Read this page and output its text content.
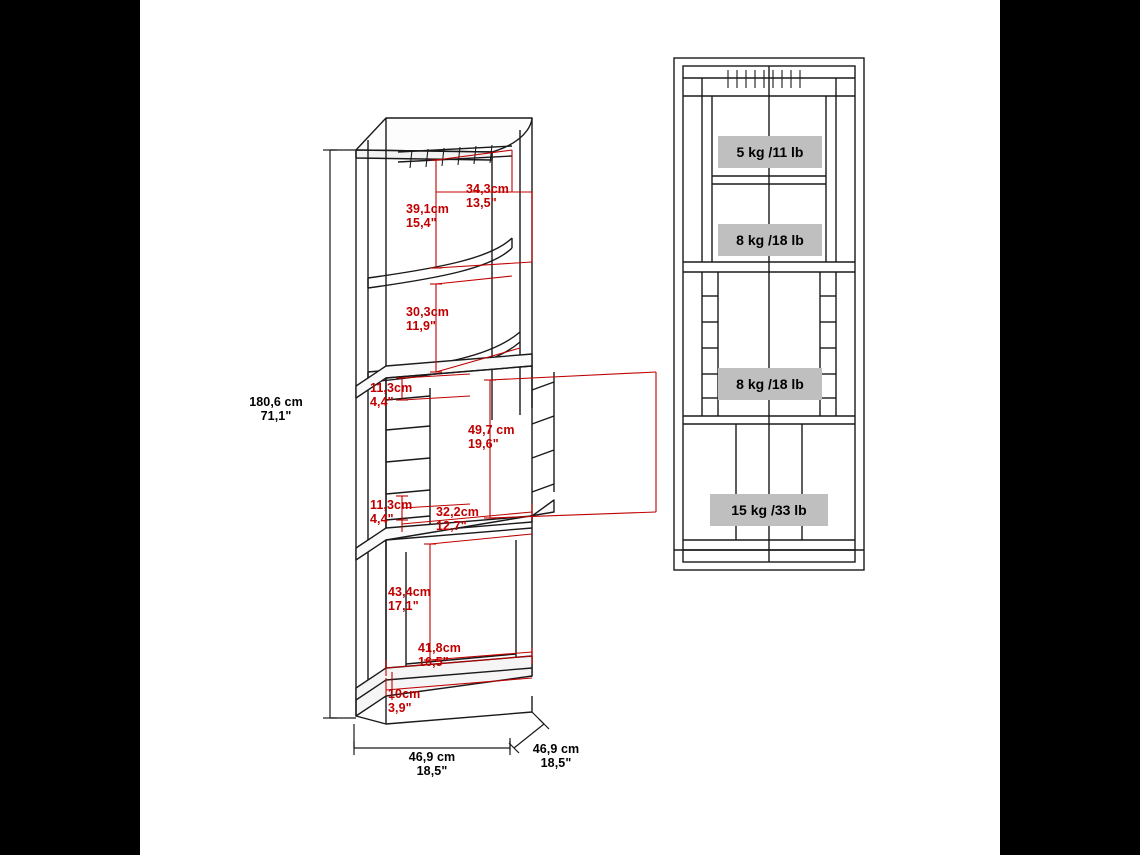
180,6 cm
71,1"
46,9 cm
18,5"
46,9 cm
18,5"
39,1cm
15,4"
34,3cm
13,5"
30,3cm
11,9"
11,3cm
4,4"
49,7 cm
19,6"
11,3cm
4,4"	32,2cm
12,7"
43,4cm
17,1"
41,8cm
16,5"
10cm
3,9"
5 kg /11 lb
8 kg /18 lb
8 kg /18 lb
15 kg /33 lb
